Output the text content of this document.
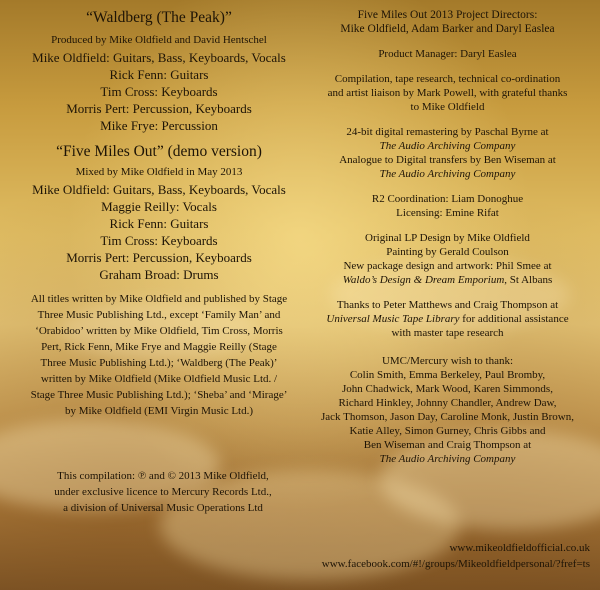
“Waldberg (The Peak)”

Produced by Mike Oldfield and David Hentschel

Mike Oldfield: Guitars, Bass, Keyboards, Vocals

Rick Fenn: Guitars

Tim Cross: Keyboards

Morris Pert: Percussion, Keyboards

Mike Frye: Percussion

“Five Miles Out” (demo version)

Mixed by Mike Oldfield in May 2013

Mike Oldfield: Guitars, Bass, Keyboards, Vocals

Maggie Reilly: Vocals

Rick Fenn: Guitars

Tim Cross: Keyboards

Morris Pert: Percussion, Keyboards

Graham Broad: Drums

All titles written by Mike Oldfield and published by Stage

Three Music Publishing Ltd., except ‘Family Man’ and

‘Orabidoo’ written by Mike Oldfield, Tim Cross, Morris

Pert, Rick Fenn, Mike Frye and Maggie Reilly (Stage

Three Music Publishing Ltd.); ‘Waldberg (The Peak)’

written by Mike Oldfield (Mike Oldfield Music Ltd. /

Stage Three Music Publishing Ltd.); ‘Sheba’ and ‘Mirage’

by Mike Oldfield (EMI Virgin Music Ltd.)

This compilation: ℗ and © 2013 Mike Oldfield,
under exclusive licence to Mercury Records Ltd.,
a division of Universal Music Operations Ltd

Five Miles Out 2013 Project Directors:

Mike Oldfield, Adam Barker and Daryl Easlea

Product Manager: Daryl Easlea

Compilation, tape research, technical co-ordination

and artist liaison by Mark Powell, with grateful thanks

to Mike Oldfield

24-bit digital remastering by Paschal Byrne at

The Audio Archiving Company

Analogue to Digital transfers by Ben Wiseman at

The Audio Archiving Company

R2 Coordination: Liam Donoghue

Licensing: Emine Rifat

Original LP Design by Mike Oldfield

Painting by Gerald Coulson

New package design and artwork: Phil Smee at

Waldo’s Design & Dream Emporium, St Albans

Thanks to Peter Matthews and Craig Thompson at

Universal Music Tape Library for additional assistance

with master tape research

UMC/Mercury wish to thank:

Colin Smith, Emma Berkeley, Paul Bromby,

John Chadwick, Mark Wood, Karen Simmonds,

Richard Hinkley, Johnny Chandler, Andrew Daw,

Jack Thomson, Jason Day, Caroline Monk, Justin Brown,

Katie Alley, Simon Gurney, Chris Gibbs and

Ben Wiseman and Craig Thompson at

The Audio Archiving Company

www.mikeoldfieldofficial.co.uk
www.facebook.com/#!/groups/Mikeoldfieldpersonal/?fref=ts
